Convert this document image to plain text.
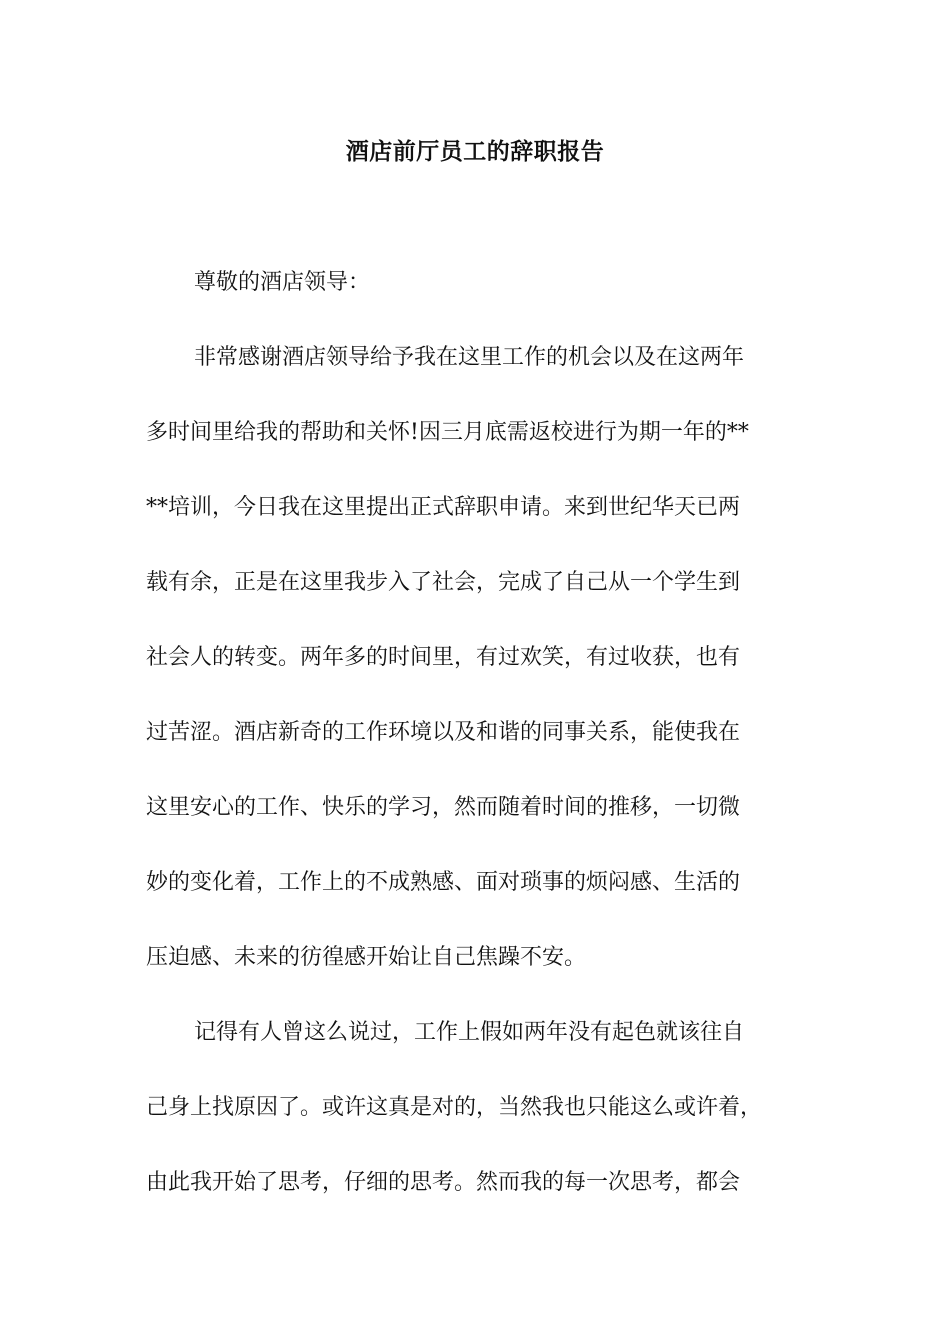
酒店前厅员工的辞职报告
尊敬的酒店领导：
非常感谢酒店领导给予我在这里工作的机会以及在这两年
多时间里给我的帮助和关怀!因三月底需返校进行为期一年的**
**培训，今日我在这里提出正式辞职申请。来到世纪华天已两
载有余，正是在这里我步入了社会，完成了自己从一个学生到
社会人的转变。两年多的时间里，有过欢笑，有过收获，也有
过苦涩。酒店新奇的工作环境以及和谐的同事关系，能使我在
这里安心的工作、快乐的学习，然而随着时间的推移，一切微
妙的变化着，工作上的不成熟感、面对琐事的烦闷感、生活的
压迫感、未来的彷徨感开始让自己焦躁不安。
记得有人曾这么说过，工作上假如两年没有起色就该往自
己身上找原因了。或许这真是对的，当然我也只能这么或许着，
由此我开始了思考，仔细的思考。然而我的每一次思考，都会
